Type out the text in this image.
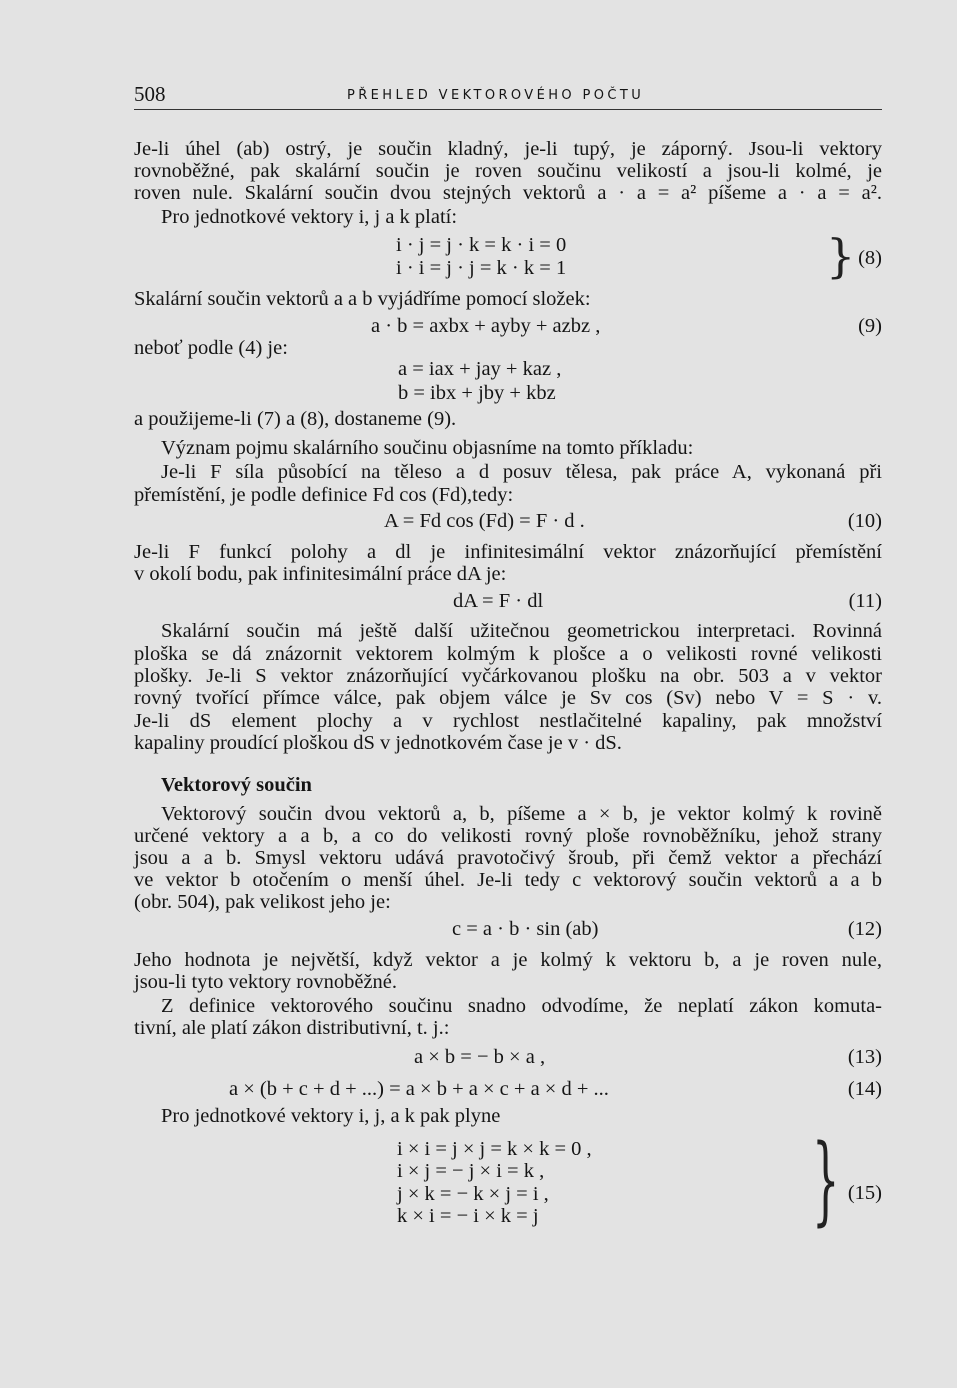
508	PŘEHLED VEKTOROVÉHO POČTU
Je-li úhel (ab) ostrý, je součin kladný, je-li tupý, je záporný. Jsou-li vektory
rovnoběžné, pak skalární součin je roven součinu velikostí a jsou-li kolmé, je
roven nule. Skalární součin dvou stejných vektorů a · a = a² píšeme a · a = a².
Pro jednotkové vektory i, j a k platí:
i · j = j · k = k · i = 0
i · i = j · j = k · k = 1	} (8)
Skalární součin vektorů a a b vyjádříme pomocí složek:
a · b = axbx + ayby + azbz ,	(9)
neboť podle (4) je:
a = iax + jay + kaz ,
b = ibx + jby + kbz
a použijeme-li (7) a (8), dostaneme (9).
Význam pojmu skalárního součinu objasníme na tomto příkladu:
Je-li F síla působící na těleso a d posuv tělesa, pak práce A, vykonaná při
přemístění, je podle definice Fd cos (Fd),tedy:
A = Fd cos (Fd) = F · d .	(10)
Je-li F funkcí polohy a dl je infinitesimální vektor znázorňující přemístění
v okolí bodu, pak infinitesimální práce dA je:
dA = F · dl	(11)
Skalární součin má ještě další užitečnou geometrickou interpretaci. Rovinná
ploška se dá znázornit vektorem kolmým k plošce a o velikosti rovné velikosti
plošky. Je-li S vektor znázorňující vyčárkovanou plošku na obr. 503 a v vektor
rovný tvořící přímce válce, pak objem válce je Sv cos (Sv) nebo V = S · v.
Je-li dS element plochy a v rychlost nestlačitelné kapaliny, pak množství
kapaliny proudící ploškou dS v jednotkovém čase je v · dS.
Vektorový součin
Vektorový součin dvou vektorů a, b, píšeme a × b, je vektor kolmý k rovině
určené vektory a a b, a co do velikosti rovný ploše rovnoběžníku, jehož strany
jsou a a b. Smysl vektoru udává pravotočivý šroub, při čemž vektor a přechází
ve vektor b otočením o menší úhel. Je-li tedy c vektorový součin vektorů a a b
(obr. 504), pak velikost jeho je:
c = a · b · sin (ab)	(12)
Jeho hodnota je největší, když vektor a je kolmý k vektoru b, a je roven nule,
jsou-li tyto vektory rovnoběžné.
Z definice vektorového součinu snadno odvodíme, že neplatí zákon komuta-
tivní, ale platí zákon distributivní, t. j.:
a × b = − b × a ,	(13)
a × (b + c + d + ...) = a × b + a × c + a × d + ...	(14)
Pro jednotkové vektory i, j, a k pak plyne
i × i = j × j = k × k = 0 ,
i × j = − j × i = k ,
j × k = − k × j = i ,
k × i = − i × k = j	} (15)
